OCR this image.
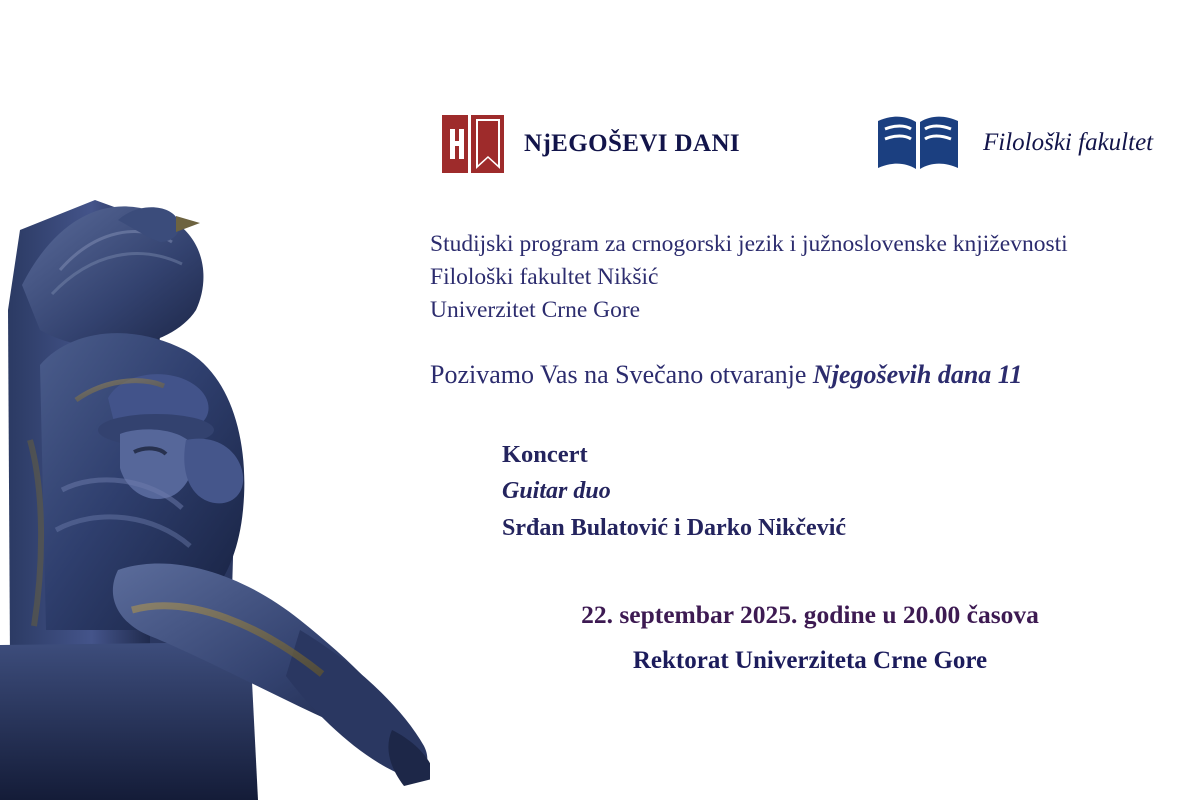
NjEGOŠEVI DANI	Filološki fakultet
Studijski program za crnogorski jezik i južnoslovenske književnosti
Filološki fakultet Nikšić
Univerzitet Crne Gore
Pozivamo Vas na Svečano otvaranje Njegoševih dana 11
Koncert
Guitar duo
Srđan Bulatović i Darko Nikčević
22. septembar 2025. godine u 20.00 časova
Rektorat Univerziteta Crne Gore
